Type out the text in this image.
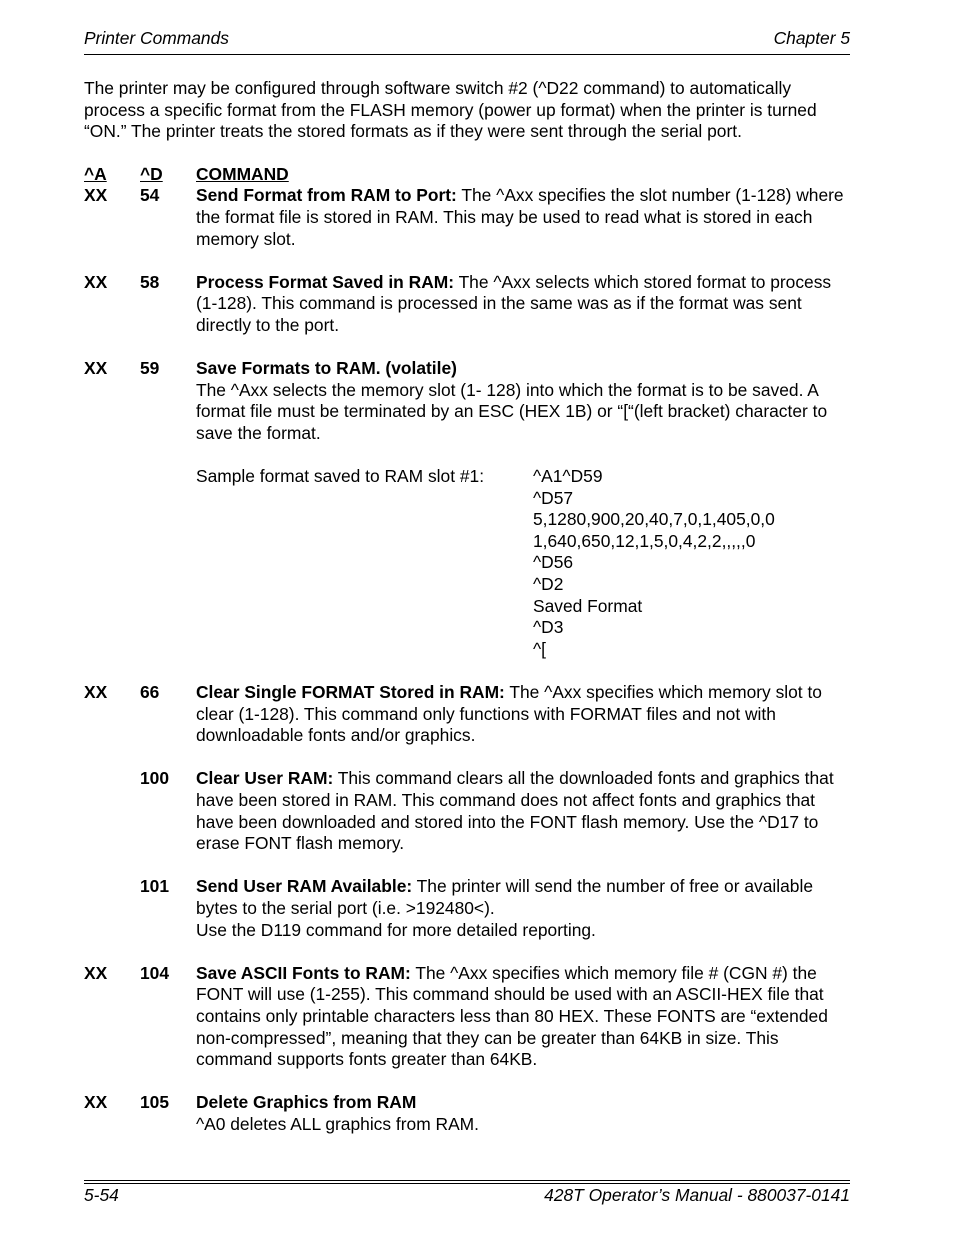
Printer Commands	Chapter 5

The printer may be configured through software switch #2 (^D22 command) to automatically process a specific format from the FLASH memory (power up format) when the printer is turned “ON.” The printer treats the stored formats as if they were sent through the serial port.

^A ^D COMMAND
XX 54 Send Format from RAM to Port: The ^Axx specifies the slot number (1-128) where the format file is stored in RAM. This may be used to read what is stored in each memory slot.
XX 58 Process Format Saved in RAM: The ^Axx selects which stored format to process (1-128). This command is processed in the same was as if the format was sent directly to the port.
XX 59 Save Formats to RAM. (volatile)
The ^Axx selects the memory slot (1- 128) into which the format is to be saved. A format file must be terminated by an ESC (HEX 1B) or “[“(left bracket) character to save the format.
Sample format saved to RAM slot #1:	^A1^D59
^D57
5,1280,900,20,40,7,0,1,405,0,0
1,640,650,12,1,5,0,4,2,2,,,,,0
^D56
^D2
Saved Format
^D3
^[
XX 66 Clear Single FORMAT Stored in RAM: The ^Axx specifies which memory slot to clear (1-128). This command only functions with FORMAT files and not with downloadable fonts and/or graphics.
100 Clear User RAM: This command clears all the downloaded fonts and graphics that have been stored in RAM. This command does not affect fonts and graphics that have been downloaded and stored into the FONT flash memory. Use the ^D17 to erase FONT flash memory.
101 Send User RAM Available: The printer will send the number of free or available bytes to the serial port (i.e. >192480<).
Use the D119 command for more detailed reporting.
XX 104 Save ASCII Fonts to RAM: The ^Axx specifies which memory file # (CGN #) the FONT will use (1-255). This command should be used with an ASCII-HEX file that contains only printable characters less than 80 HEX. These FONTS are “extended non-compressed”, meaning that they can be greater than 64KB in size. This command supports fonts greater than 64KB.
XX 105 Delete Graphics from RAM
^A0 deletes ALL graphics from RAM.
5-54	428T Operator’s Manual - 880037-0141
